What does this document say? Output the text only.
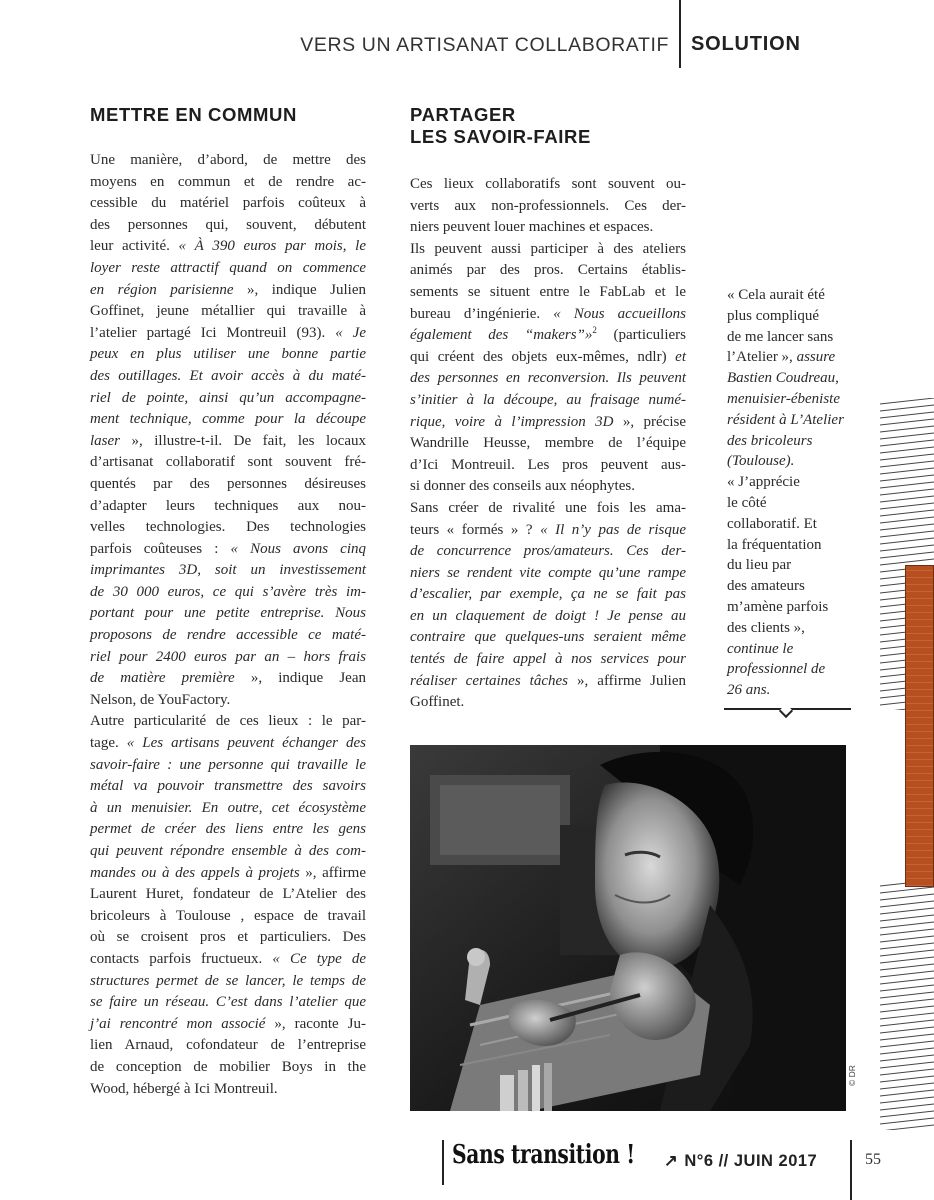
VERS UN ARTISANAT COLLABORATIF SOLUTION
METTRE EN COMMUN
Une manière, d’abord, de mettre des
moyens en commun et de rendre ac-
cessible du matériel parfois coûteux à
des personnes qui, souvent, débutent
leur activité. « À 390 euros par mois, le
loyer reste attractif quand on commence
en région parisienne », indique Julien
Goffinet, jeune métallier qui travaille à
l’atelier partagé Ici Montreuil (93). « Je
peux en plus utiliser une bonne partie
des outillages. Et avoir accès à du maté-
riel de pointe, ainsi qu’un accompagne-
ment technique, comme pour la découpe
laser », illustre-t-il. De fait, les locaux
d’artisanat collaboratif sont souvent fré-
quentés par des personnes désireuses
d’adapter leurs techniques aux nou-
velles technologies. Des technologies
parfois coûteuses : « Nous avons cinq
imprimantes 3D, soit un investissement
de 30 000 euros, ce qui s’avère très im-
portant pour une petite entreprise. Nous
proposons de rendre accessible ce maté-
riel pour 2400 euros par an – hors frais
de matière première », indique Jean
Nelson, de YouFactory.
Autre particularité de ces lieux : le par-
tage. « Les artisans peuvent échanger des
savoir-faire : une personne qui travaille le
métal va pouvoir transmettre des savoirs
à un menuisier. En outre, cet écosystème
permet de créer des liens entre les gens
qui peuvent répondre ensemble à des com-
mandes ou à des appels à projets », affirme
Laurent Huret, fondateur de L’Atelier des
bricoleurs à Toulouse , espace de travail
où se croisent pros et particuliers. Des
contacts parfois fructueux. « Ce type de
structures permet de se lancer, le temps de
se faire un réseau. C’est dans l’atelier que
j’ai rencontré mon associé », raconte Ju-
lien Arnaud, cofondateur de l’entreprise
de conception de mobilier Boys in the
Wood, hébergé à Ici Montreuil.
PARTAGER
LES SAVOIR-FAIRE
Ces lieux collaboratifs sont souvent ou-
verts aux non-professionnels. Ces der-
niers peuvent louer machines et espaces.
Ils peuvent aussi participer à des ateliers
animés par des pros. Certains établis-
sements se situent entre le FabLab et le
bureau d’ingénierie. « Nous accueillons
également des “makers”»$^2$ (particuliers
qui créent des objets eux-mêmes, ndlr) et
des personnes en reconversion. Ils peuvent
s’initier à la découpe, au fraisage numé-
rique, voire à l’impression 3D », précise
Wandrille Heusse, membre de l’équipe
d’Ici Montreuil. Les pros peuvent aus-
si donner des conseils aux néophytes.
Sans créer de rivalité une fois les ama-
teurs « formés » ? « Il n’y pas de risque
de concurrence pros/amateurs. Ces der-
niers se rendent vite compte qu’une rampe
d’escalier, par exemple, ça ne se fait pas
en un claquement de doigt ! Je pense au
contraire que quelques-uns seraient même
tentés de faire appel à nos services pour
réaliser certaines tâches », affirme Julien
Goffinet.
« Cela aurait été
plus compliqué
de me lancer sans
l’Atelier », assure
Bastien Coudreau,
menuisier-ébeniste
résident à L’Atelier
des bricoleurs
(Toulouse).
« J’apprécie
le côté
collaboratif. Et
la fréquentation
du lieu par
des amateurs
m’amène parfois
des clients »,
continue le
professionnel de
26 ans.
© DR
Sans transition ! ↗ N°6 // JUIN 2017	55
